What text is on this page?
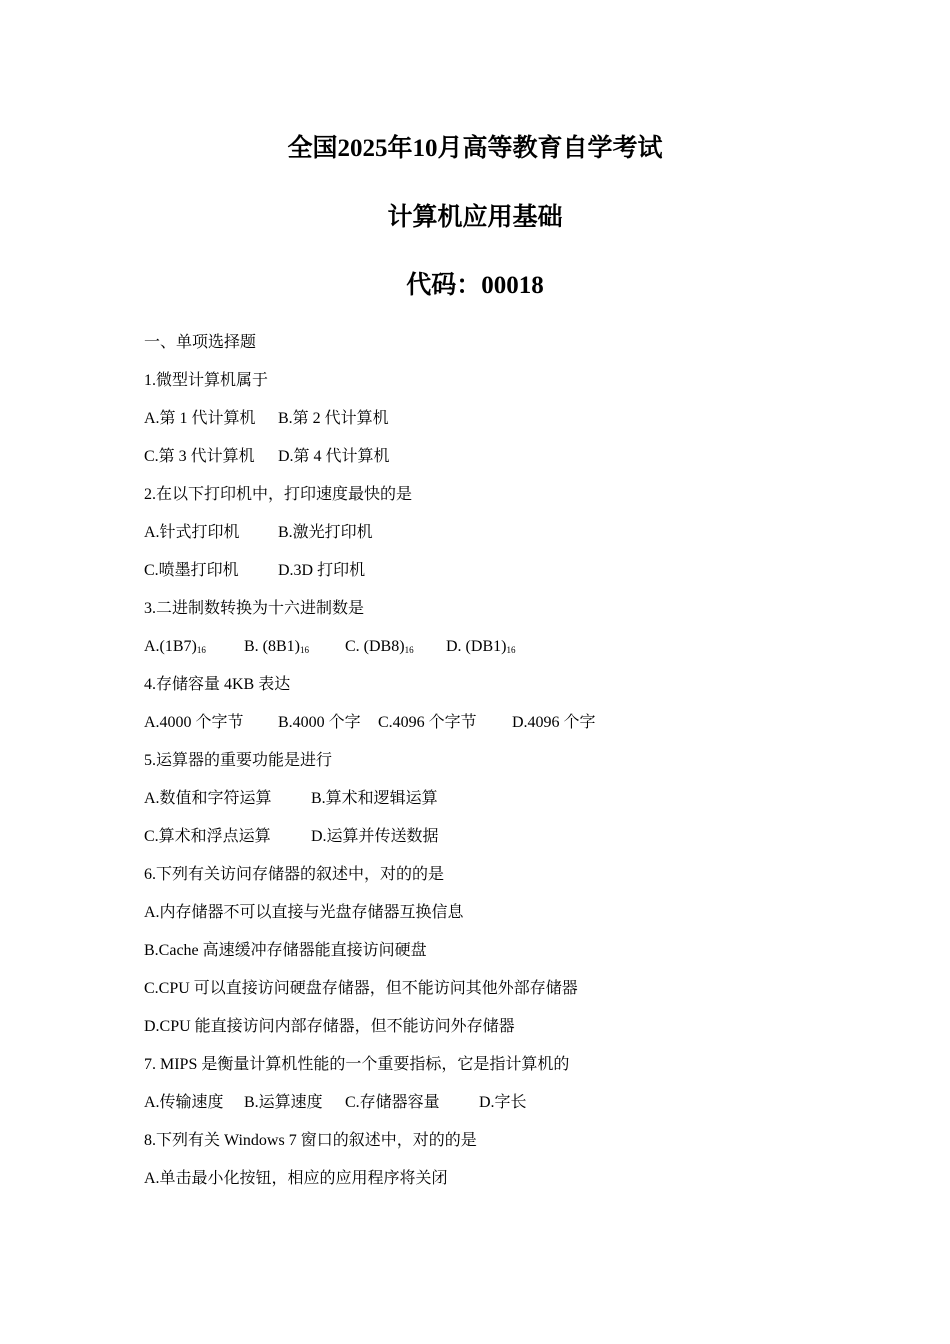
全国2025年10月高等教育自学考试
计算机应用基础
代码：00018
一、单项选择题
1.微型计算机属于
A.第 1 代计算机 B.第 2 代计算机
C.第 3 代计算机 D.第 4 代计算机
2.在以下打印机中，打印速度最快的是
A.针式打印机 B.激光打印机
C.喷墨打印机 D.3D 打印机
3.二进制数转换为十六进制数是
$A.(1B7)_{16}$ B. $(8B1)_{16}$ C. $(DB8)_{16}$ D. $(DB1)_{16}$
4.存储容量 4KB 表达
A.4000 个字节 B.4000 个字 C.4096 个字节 D.4096 个字
5.运算器的重要功能是进行
A.数值和字符运算 B.算术和逻辑运算
C.算术和浮点运算	D.运算并传送数据
6.下列有关访问存储器的叙述中，对的的是
A.内存储器不可以直接与光盘存储器互换信息
B.Cache 高速缓冲存储器能直接访问硬盘
C.CPU 可以直接访问硬盘存储器，但不能访问其他外部存储器
D.CPU 能直接访问内部存储器，但不能访问外存储器
7. MIPS 是衡量计算机性能的一个重要指标，它是指计算机的
A.传输速度 B.运算速度 C.存储器容量 D.字长
8.下列有关 Windows 7 窗口的叙述中，对的的是
A.单击最小化按钮，相应的应用程序将关闭
